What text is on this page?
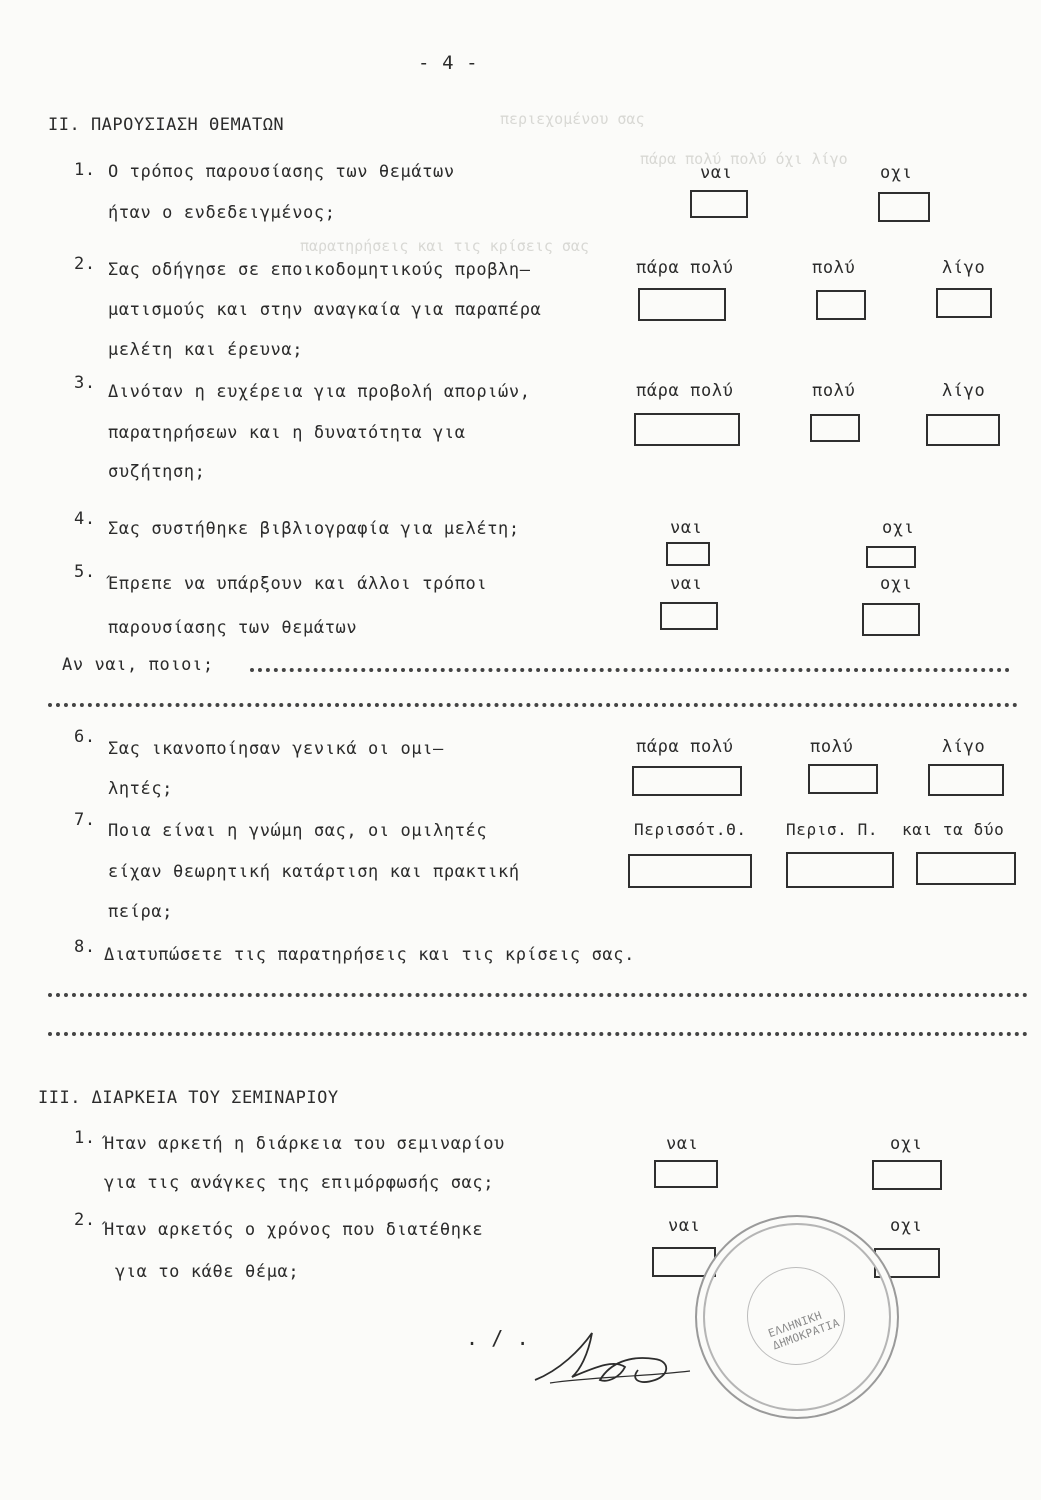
περιεχομένου σας
πάρα πολύ πολύ όχι λίγο
παρατηρήσεις και τις κρίσεις σας
- 4 -
II. ΠΑΡΟΥΣΙΑΣΗ ΘΕΜΑΤΩΝ
1. Ο τρόπος παρουσίασης των θεμάτων
ήταν ο ενδεδειγμένος;
ναι	οχι
2. Σας οδήγησε σε εποικοδομητικούς προβλη–
ματισμούς και στην αναγκαία για παραπέρα
μελέτη και έρευνα;
πάρα πολύ	πολύ	λίγο
3. Δινόταν η ευχέρεια για προβολή αποριών,
παρατηρήσεων και η δυνατότητα για
συζήτηση;
πάρα πολύ	πολύ	λίγο
4. Σας συστήθηκε βιβλιογραφία για μελέτη;	ναι	οχι
5.
Έπρεπε να υπάρξουν και άλλοι τρόποι
παρουσίασης των θεμάτων
ναι	οχι
Αν ναι, ποιοι;
6.
Σας ικανοποίησαν γενικά οι ομι–
λητές;
πάρα πολύ	πολύ	λίγο
7.
Ποια είναι η γνώμη σας, οι ομιλητές
είχαν θεωρητική κατάρτιση και πρακτική
πείρα;
Περισσότ.Θ. Περισ. Π. και τα δύο
8. Διατυπώσετε τις παρατηρήσεις και τις κρίσεις σας.
III. ΔΙΑΡΚΕΙΑ ΤΟΥ ΣΕΜΙΝΑΡΙΟΥ
1. Ήταν αρκετή η διάρκεια του σεμιναρίου
για τις ανάγκες της επιμόρφωσής σας;
ναι	οχι
2. Ήταν αρκετός ο χρόνος που διατέθηκε
για το κάθε θέμα;
ναι	οχι
. / .	ΕΛΛΗΝΙΚΗ ΔΗΜΟΚΡΑΤΙΑ
